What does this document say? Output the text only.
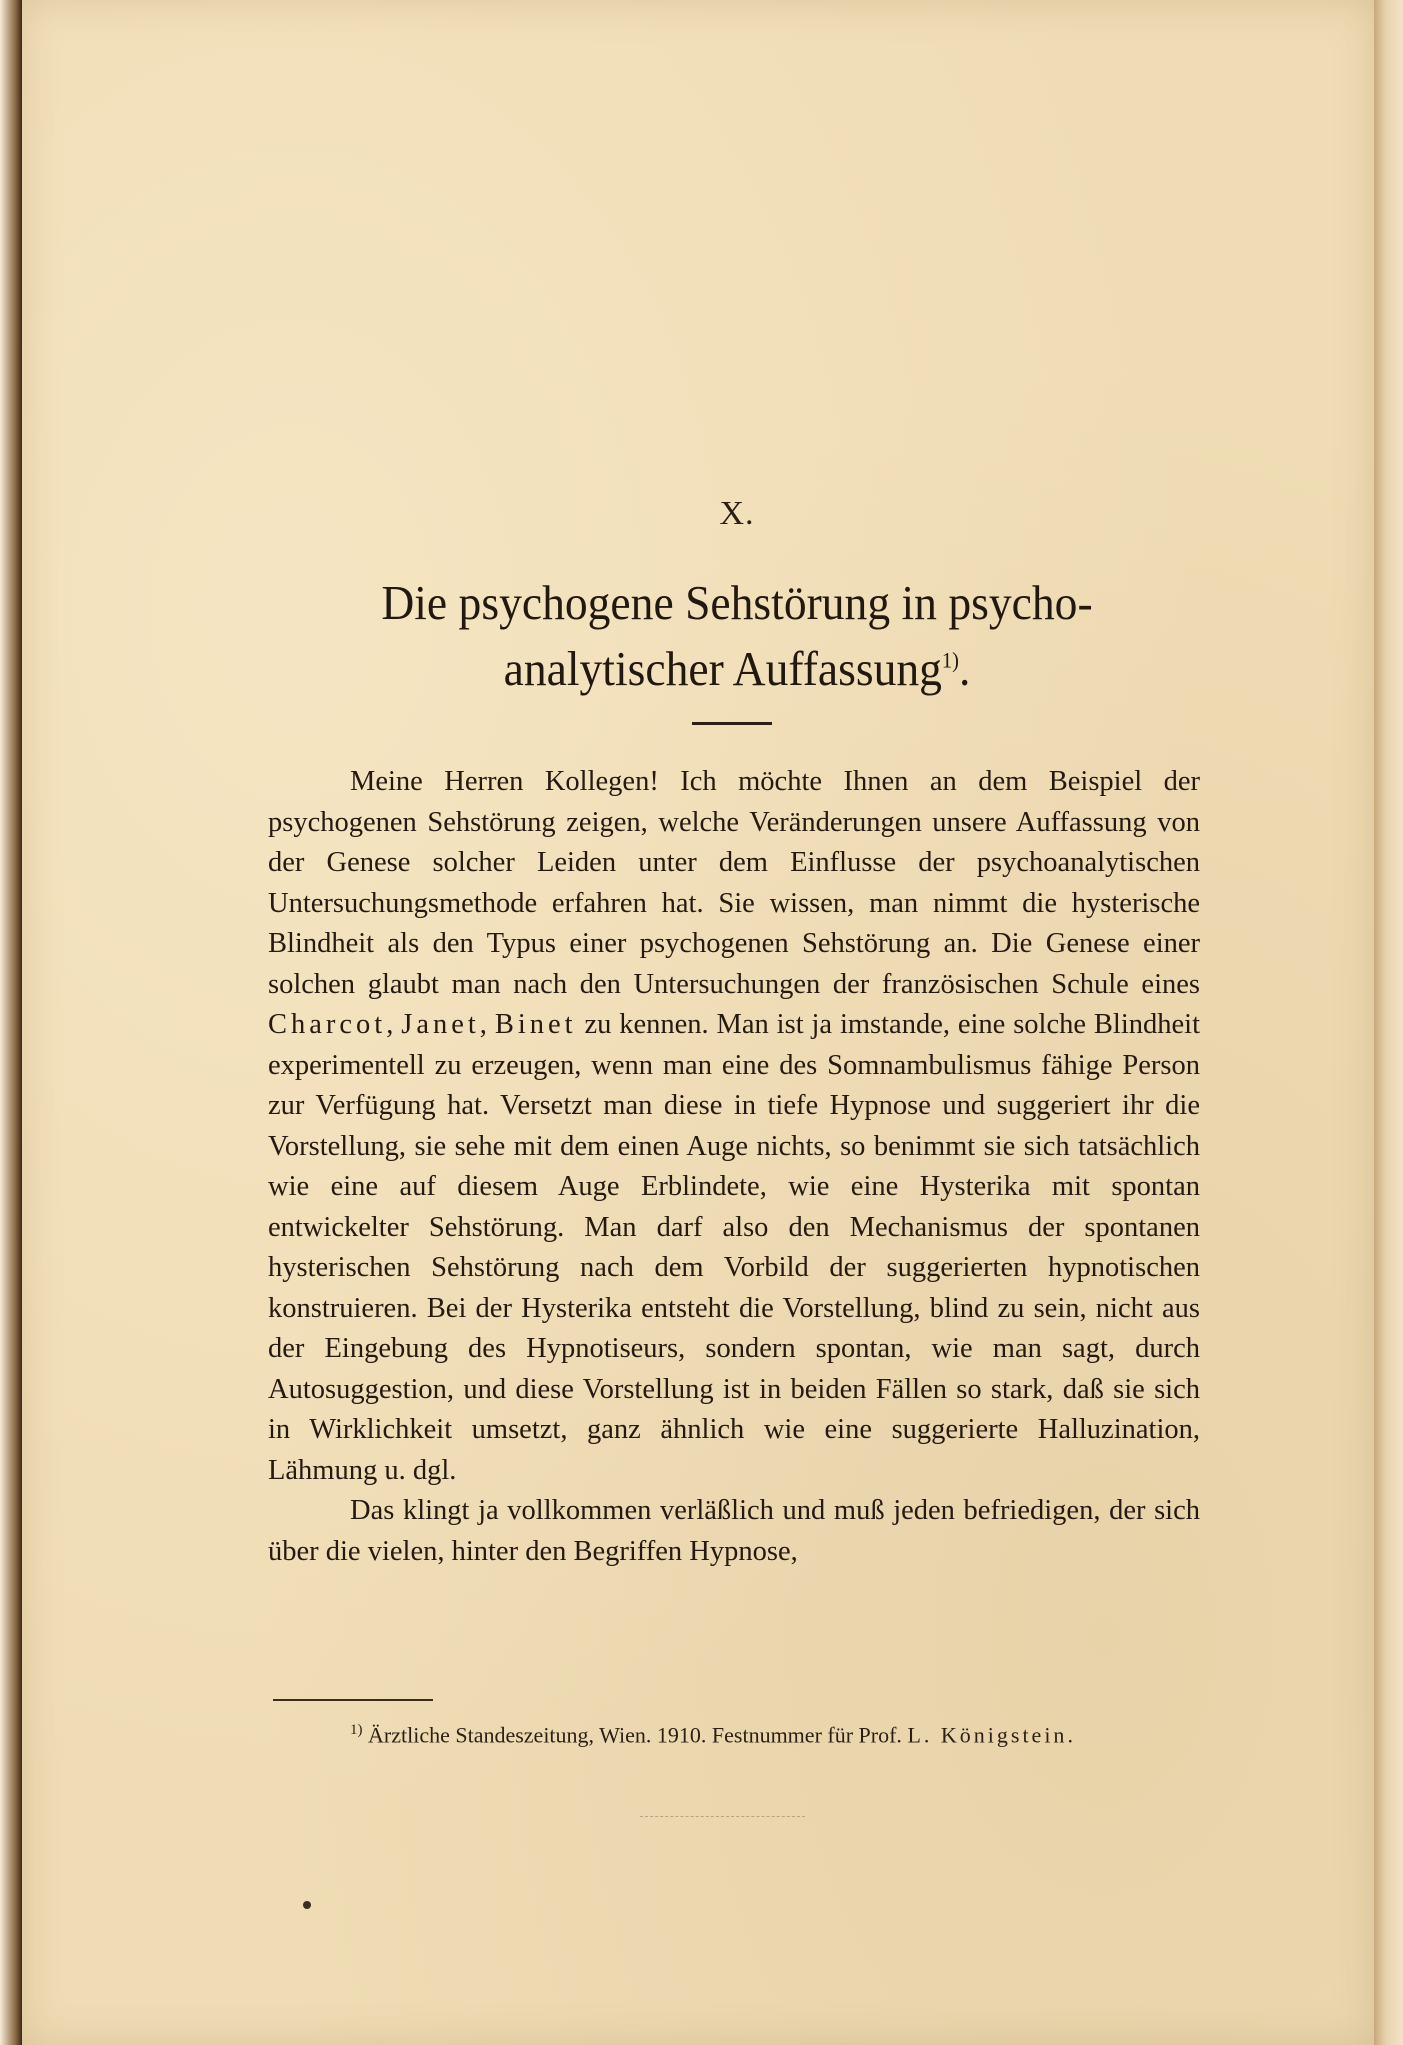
X.
Die psychogene Sehstörung in psycho-
analytischer Auffassung$^{1)}$.

Meine Herren Kollegen! Ich möchte Ihnen an dem Beispiel der psychogenen Sehstörung zeigen, welche Veränderungen unsere Auffassung von der Genese solcher Leiden unter dem Einflusse der psychoanalytischen Untersuchungsmethode erfahren hat. Sie wissen, man nimmt die hysterische Blindheit als den Typus einer psychogenen Sehstörung an. Die Genese einer solchen glaubt man nach den Untersuchungen der französischen Schule eines Charcot, Janet, Binet zu kennen. Man ist ja imstande, eine solche Blindheit experimentell zu erzeugen, wenn man eine des Somnambulismus fähige Person zur Verfügung hat. Versetzt man diese in tiefe Hypnose und suggeriert ihr die Vorstellung, sie sehe mit dem einen Auge nichts, so benimmt sie sich tatsächlich wie eine auf diesem Auge Erblindete, wie eine Hysterika mit spontan entwickelter Sehstörung. Man darf also den Mechanismus der spontanen hysterischen Sehstörung nach dem Vorbild der suggerierten hypnotischen konstruieren. Bei der Hysterika entsteht die Vorstellung, blind zu sein, nicht aus der Eingebung des Hypnotiseurs, sondern spontan, wie man sagt, durch Autosuggestion, und diese Vorstellung ist in beiden Fällen so stark, daß sie sich in Wirklichkeit umsetzt, ganz ähnlich wie eine suggerierte Halluzination, Lähmung u. dgl.

Das klingt ja vollkommen verläßlich und muß jeden befriedigen, der sich über die vielen, hinter den Begriffen Hypnose,

$^{1)}$ Ärztliche Standeszeitung, Wien. 1910. Festnummer für Prof. L. Königstein.
